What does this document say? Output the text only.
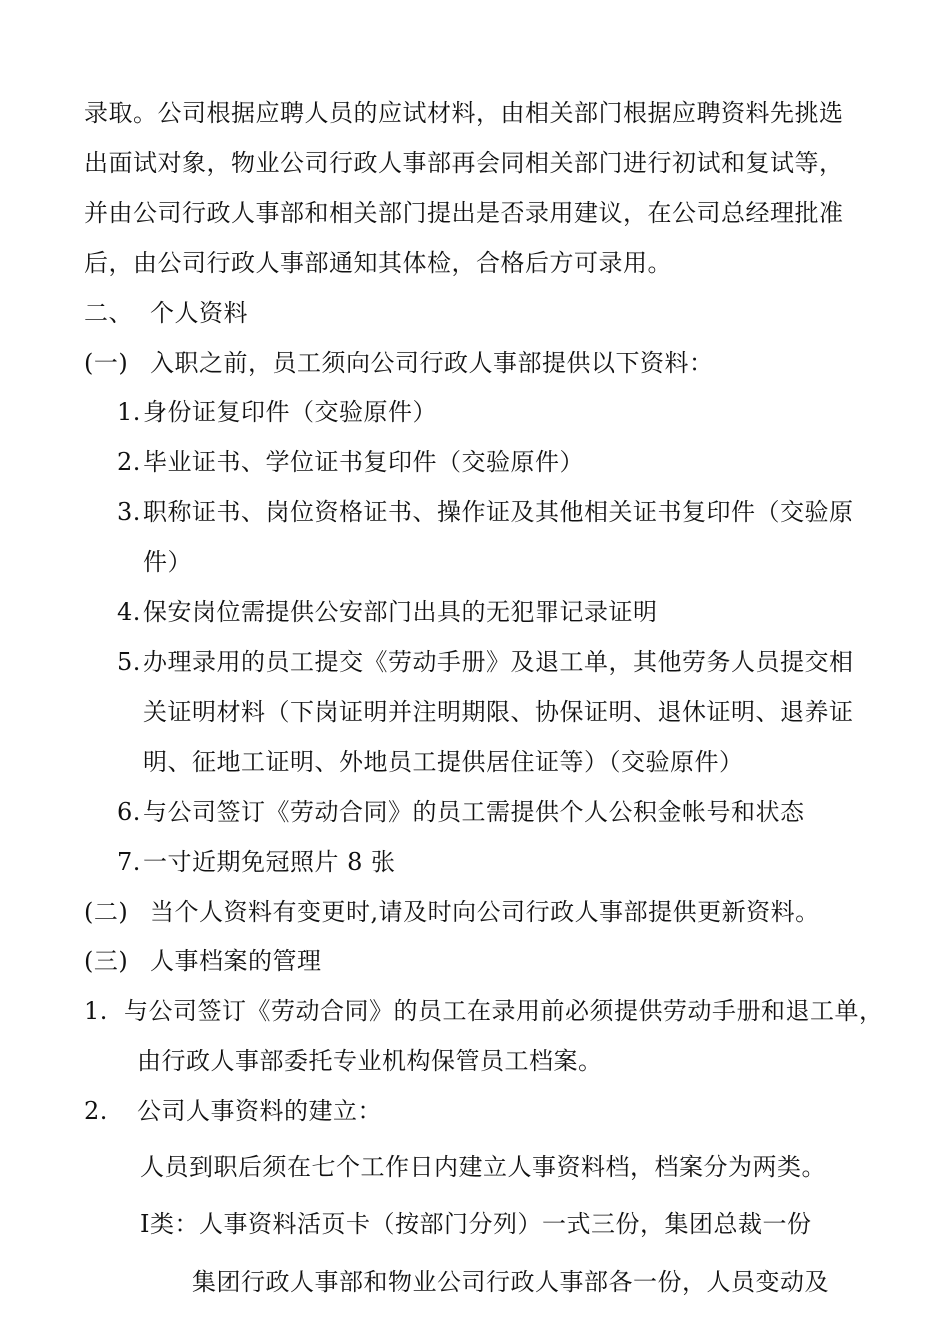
录取。公司根据应聘人员的应试材料，由相关部门根据应聘资料先挑选
出面试对象，物业公司行政人事部再会同相关部门进行初试和复试等，
并由公司行政人事部和相关部门提出是否录用建议，在公司总经理批准
后，由公司行政人事部通知其体检，合格后方可录用。
二、 个人资料
(一) 入职之前，员工须向公司行政人事部提供以下资料：
1. 身份证复印件（交验原件）
2. 毕业证书、学位证书复印件（交验原件）
3. 职称证书、岗位资格证书、操作证及其他相关证书复印件（交验原
件）
4. 保安岗位需提供公安部门出具的无犯罪记录证明
5. 办理录用的员工提交《劳动手册》及退工单，其他劳务人员提交相
关证明材料（下岗证明并注明期限、协保证明、退休证明、退养证
明、征地工证明、外地员工提供居住证等）（交验原件）
6. 与公司签订《劳动合同》的员工需提供个人公积金帐号和状态
7. 一寸近期免冠照片 8 张
(二) 当个人资料有变更时,请及时向公司行政人事部提供更新资料。
(三) 人事档案的管理
1. 与公司签订《劳动合同》的员工在录用前必须提供劳动手册和退工单，
由行政人事部委托专业机构保管员工档案。
2. 公司人事资料的建立：
人员到职后须在七个工作日内建立人事资料档，档案分为两类。
Ⅰ类：人事资料活页卡（按部门分列）一式三份，集团总裁一份
集团行政人事部和物业公司行政人事部各一份，人员变动及
